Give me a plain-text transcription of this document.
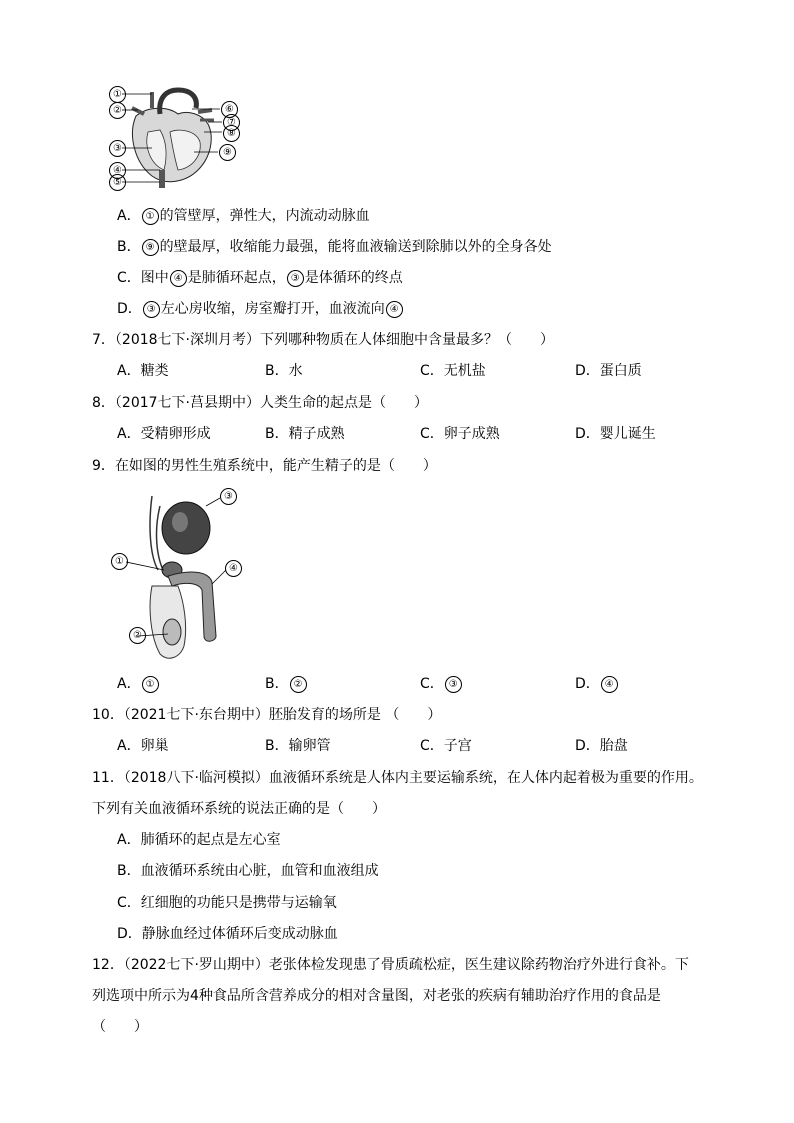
①
②
③
④
⑤
⑥
⑦
⑧
⑨
A． ① 的管壁厚，弹性大，内流动动脉血
B． ⑨ 的壁最厚，收缩能力最强，能将血液输送到除肺以外的全身各处
C．图中 ④ 是肺循环起点， ③ 是体循环的终点
D． ③ 左心房收缩，房室瓣打开，血液流向 ④
7．（2018七下·深圳月考）下列哪种物质在人体细胞中含量最多？（　　）
A．糖类	B．水	C．无机盐	D．蛋白质
8．（2017七下·莒县期中）人类生命的起点是（　　）
A．受精卵形成	B．精子成熟	C．卵子成熟	D．婴儿诞生
9．在如图的男性生殖系统中，能产生精子的是（　　）
①
②
③
④
A． ①	B． ②	C． ③	D． ④
10．（2021七下·东台期中）胚胎发育的场所是 （　　）
A．卵巢	B．输卵管	C．子宫	D．胎盘
11．（2018八下·临河模拟）血液循环系统是人体内主要运输系统，在人体内起着极为重要的作用。
下列有关血液循环系统的说法正确的是（　　）
A．肺循环的起点是左心室
B．血液循环系统由心脏，血管和血液组成
C．红细胞的功能只是携带与运输氧
D．静脉血经过体循环后变成动脉血
12．（2022七下·罗山期中）老张体检发现患了骨质疏松症，医生建议除药物治疗外进行食补。下
列选项中所示为4种食品所含营养成分的相对含量图，对老张的疾病有辅助治疗作用的食品是
（　　）
